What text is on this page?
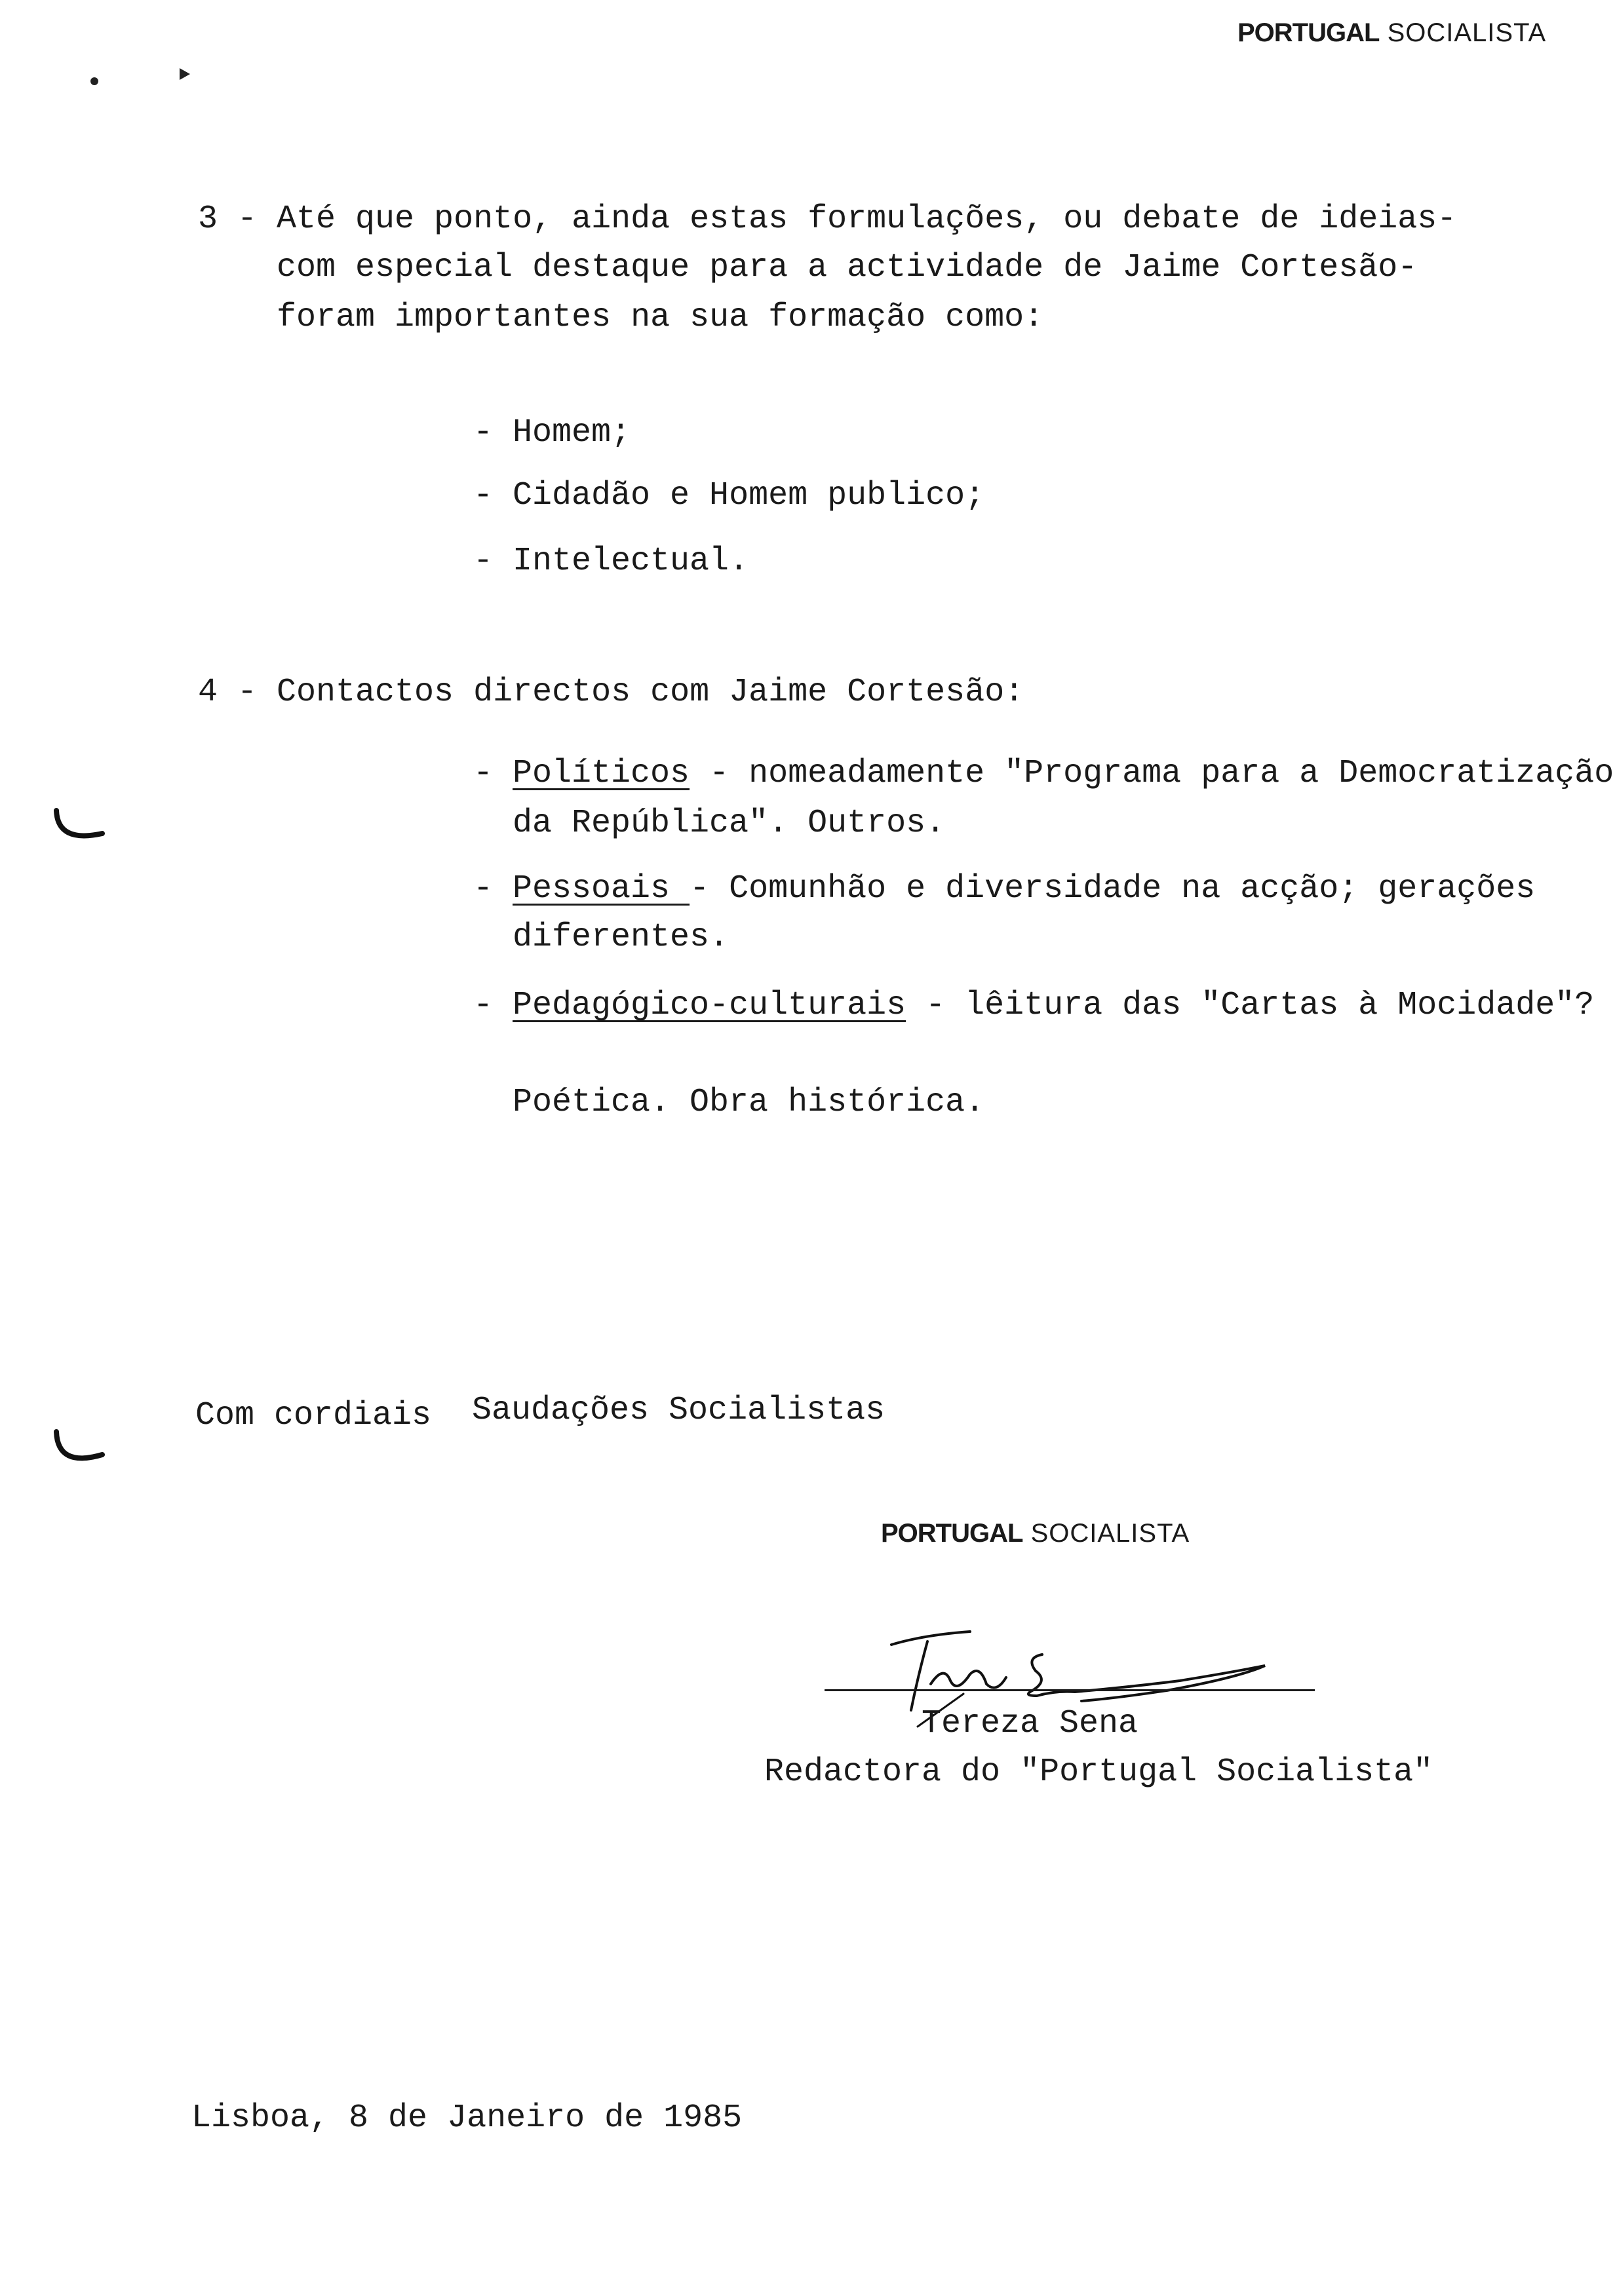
PORTUGAL SOCIALISTA
3 - Até que ponto, ainda estas formulações, ou debate de ideias-
com especial destaque para a actividade de Jaime Cortesão-
foram importantes na sua formação como:
- Homem;
- Cidadão e Homem publico;
- Intelectual.
4 - Contactos directos com Jaime Cortesão:
- Políticos - nomeadamente "Programa para a Democratização
da República". Outros.
- Pessoais - Comunhão e diversidade na acção; gerações
diferentes.
- Pedagógico-culturais - lêitura das "Cartas à Mocidade"?
Poética. Obra histórica.
Com cordiais Saudações Socialistas
PORTUGAL SOCIALISTA
Tereza Sena
Redactora do "Portugal Socialista"
Lisboa, 8 de Janeiro de 1985
